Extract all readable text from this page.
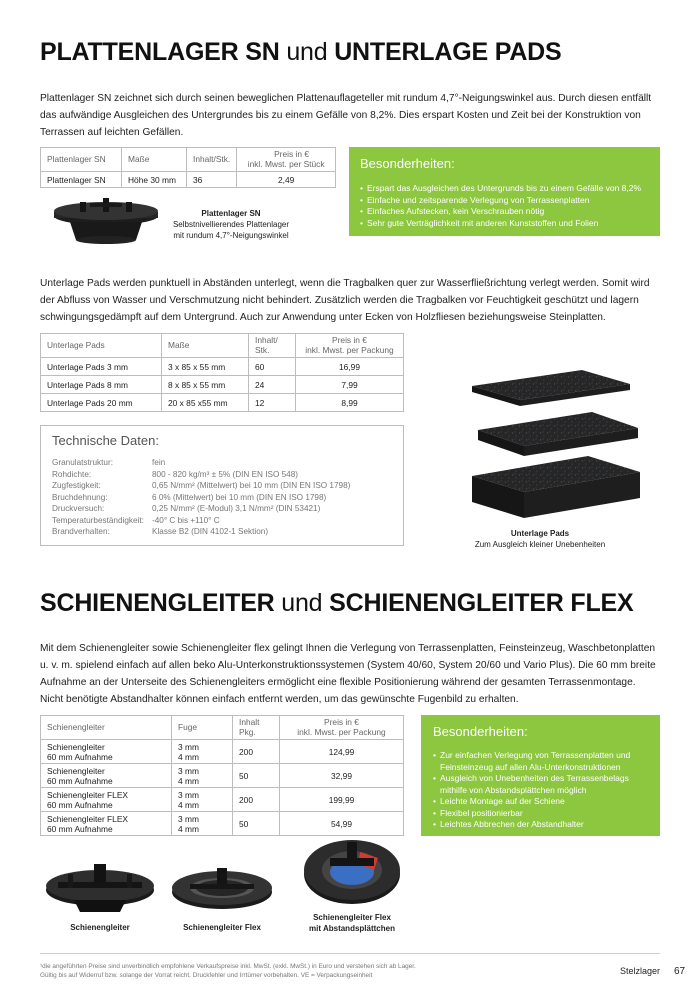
PLATTENLAGER SN und UNTERLAGE PADS

Plattenlager SN zeichnet sich durch seinen beweglichen Plattenauflageteller mit rundum 4,7°-Neigungswinkel aus. Durch diesen entfällt das aufwändige Ausgleichen des Untergrundes bis zu einem Gefälle von 8,2%. Dies erspart Kosten und Zeit bei der Konstruktion von Terrassen auf leichten Gefällen.

Plattenlager SN	Maße	Inhalt/Stk.	Preis in €
inkl. Mwst. per Stück

Plattenlager SN	Höhe 30 mm	36	2,49
Plattenlager SN
Selbstnivellierendes Plattenlager
mit rundum 4,7°-Neigungswinkel

Besonderheiten:

• Erspart das Ausgleichen des Untergrunds bis zu einem Gefälle von 8,2%
• Einfache und zeitsparende Verlegung von Terrassenplatten
• Einfaches Aufstecken, kein Verschrauben nötig
• Sehr gute Verträglichkeit mit anderen Kunststoffen und Folien

Unterlage Pads werden punktuell in Abständen unterlegt, wenn die Tragbalken quer zur Wasserfließrichtung verlegt werden. Somit wird der Abfluss von Wasser und Verschmutzung nicht behindert. Zusätzlich werden die Tragbalken vor Feuchtigkeit geschützt und lagern schwingungsgedämpft auf dem Untergrund. Auch zur Anwendung unter Ecken von Holzfliesen beziehungsweise Steinplatten.

Unterlage Pads	Maße	Inhalt/
Stk.	Preis in €
inkl. Mwst. per Packung

Unterlage Pads 3 mm	3 x 85 x 55 mm	60	16,99
Unterlage Pads 8 mm	8 x 85 x 55 mm	24	7,99
Unterlage Pads 20 mm	20 x 85 x55 mm	12	8,99
Technische Daten:
Granulatstruktur:	fein
Rohdichte:	800 - 820 kg/m³ ± 5% (DIN EN ISO 548)
Zugfestigkeit:	0,65 N/mm² (Mittelwert) bei 10 mm (DIN EN ISO 1798)
Bruchdehnung:	6 0% (Mittelwert) bei 10 mm (DIN EN ISO 1798)
Druckversuch:	0,25 N/mm² (E-Modul) 3,1 N/mm² (DIN 53421)
Temperaturbeständigkeit: -40° C bis +110° C
Brandverhalten:	Klasse B2 (DIN 4102-1 Sektion)	Unterlage Pads
Zum Ausgleich kleiner Unebenheiten
SCHIENENGLEITER und SCHIENENGLEITER FLEX

Mit dem Schienengleiter sowie Schienengleiter flex gelingt Ihnen die Verlegung von Terrassenplatten, Feinsteinzeug, Waschbetonplatten u. v. m. spielend einfach auf allen beko Alu-Unterkonstruktionssystemen (System 40/60, System 20/60 und Vario Plus). Die 60 mm breite Aufnahme an der Unterseite des Schienengleiters ermöglicht eine flexible Positionierung während der gesamten Terrassenmontage. Nicht benötigte Abstandhalter können einfach entfernt werden, um das gewünschte Fugenbild zu erhalten.

Schienengleiter	Fuge	Inhalt
Pkg.	Preis in €
inkl. Mwst. per Packung

Schienengleiter
60 mm Aufnahme	3 mm
4 mm	200	124,99

Schienengleiter
60 mm Aufnahme	3 mm
4 mm	50	32,99

Schienengleiter FLEX
60 mm Aufnahme	3 mm
4 mm	200	199,99

Schienengleiter FLEX
60 mm Aufnahme	3 mm
4 mm	50	54,99

Besonderheiten:

• Zur einfachen Verlegung von Terrassenplatten und Feinsteinzeug auf allen Alu-Unterkonstruktionen
• Ausgleich von Unebenheiten des Terrassenbelags mithilfe von Abstandsplättchen möglich
• Leichte Montage auf der Schiene
• Flexibel positionierbar
• Leichtes Abbrechen der Abstandhalter
Schienengleiter	Schienengleiter Flex
Schienengleiter Flex
mit Abstandsplättchen
¹die angeführten Preise sind unverbindlich empfohlene Verkaufspreise inkl. MwSt. (exkl. MwSt.) in Euro und verstehen sich ab Lager.
Gültig bis auf Widerruf bzw. solange der Vorrat reicht. Druckfehler und Irrtümer vorbehalten. VE = Verpackungseinheit	Stelzlager 67
